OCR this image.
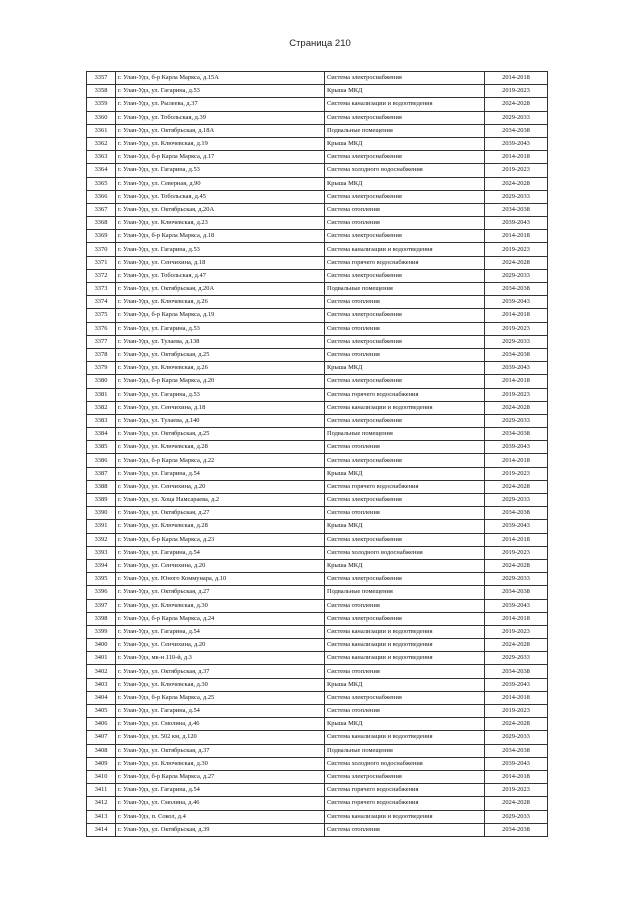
Страница 210
3357	г. Улан-Удэ, б-р Карла Маркса, д.15А	Система электроснабжения	2014-2018
3358	г. Улан-Удэ, ул. Гагарина, д.53	Крыша МКД	2019-2023
3359	г. Улан-Удэ, ул. Рылеева, д.37	Система канализации и водоотведения	2024-2028
3360	г. Улан-Удэ, ул. Тобольская, д.39	Система электроснабжения	2029-2033
3361	г. Улан-Удэ, ул. Октябрьская, д.18А	Подвальные помещения	2034-2038
3362	г. Улан-Удэ, ул. Ключевская, д.19	Крыша МКД	2039-2043
3363	г. Улан-Удэ, б-р Карла Маркса, д.17	Система электроснабжения	2014-2018
3364	г. Улан-Удэ, ул. Гагарина, д.53	Система холодного водоснабжения	2019-2023
3365	г. Улан-Удэ, ул. Северная, д.90	Крыша МКД	2024-2028
3366	г. Улан-Удэ, ул. Тобольская, д.45	Система электроснабжения	2029-2033
3367	г. Улан-Удэ, ул. Октябрьская, д.20А	Система отопления	2034-2038
3368	г. Улан-Удэ, ул. Ключевская, д.23	Система отопления	2039-2043
3369	г. Улан-Удэ, б-р Карла Маркса, д.18	Система электроснабжения	2014-2018
3370	г. Улан-Удэ, ул. Гагарина, д.53	Система канализации и водоотведения	2019-2023
3371	г. Улан-Удэ, ул. Сенчихина, д.18	Система горячего водоснабжения	2024-2028
3372	г. Улан-Удэ, ул. Тобольская, д.47	Система электроснабжения	2029-2033
3373	г. Улан-Удэ, ул. Октябрьская, д.20А	Подвальные помещения	2034-2038
3374	г. Улан-Удэ, ул. Ключевская, д.26	Система отопления	2039-2043
3375	г. Улан-Удэ, б-р Карла Маркса, д.19	Система электроснабжения	2014-2018
3376	г. Улан-Удэ, ул. Гагарина, д.53	Система отопления	2019-2023
3377	г. Улан-Удэ, ул. Тулаева, д.138	Система электроснабжения	2029-2033
3378	г. Улан-Удэ, ул. Октябрьская, д.25	Система отопления	2034-2038
3379	г. Улан-Удэ, ул. Ключевская, д.26	Крыша МКД	2039-2043
3380	г. Улан-Удэ, б-р Карла Маркса, д.20	Система электроснабжения	2014-2018
3381	г. Улан-Удэ, ул. Гагарина, д.53	Система горячего водоснабжения	2019-2023
3382	г. Улан-Удэ, ул. Сенчихина, д.18	Система канализации и водоотведения	2024-2028
3383	г. Улан-Удэ, ул. Тулаева, д.140	Система электроснабжения	2029-2033
3384	г. Улан-Удэ, ул. Октябрьская, д.25	Подвальные помещения	2034-2038
3385	г. Улан-Удэ, ул. Ключевская, д.28	Система отопления	2039-2043
3386	г. Улан-Удэ, б-р Карла Маркса, д.22	Система электроснабжения	2014-2018
3387	г. Улан-Удэ, ул. Гагарина, д.54	Крыша МКД	2019-2023
3388	г. Улан-Удэ, ул. Сенчихина, д.20	Система горячего водоснабжения	2024-2028
3389	г. Улан-Удэ, ул. Хоца Намсараева, д.2	Система электроснабжения	2029-2033
3390	г. Улан-Удэ, ул. Октябрьская, д.27	Система отопления	2034-2038
3391	г. Улан-Удэ, ул. Ключевская, д.28	Крыша МКД	2039-2043
3392	г. Улан-Удэ, б-р Карла Маркса, д.23	Система электроснабжения	2014-2018
3393	г. Улан-Удэ, ул. Гагарина, д.54	Система холодного водоснабжения	2019-2023
3394	г. Улан-Удэ, ул. Сенчихина, д.20	Крыша МКД	2024-2028
3395	г. Улан-Удэ, ул. Юного Коммунара, д.10	Система электроснабжения	2029-2033
3396	г. Улан-Удэ, ул. Октябрьская, д.27	Подвальные помещения	2034-2038
3397	г. Улан-Удэ, ул. Ключевская, д.30	Система отопления	2039-2043
3398	г. Улан-Удэ, б-р Карла Маркса, д.24	Система электроснабжения	2014-2018
3399	г. Улан-Удэ, ул. Гагарина, д.54	Система канализации и водоотведения	2019-2023
3400	г. Улан-Удэ, ул. Сенчихина, д.20	Система канализации и водоотведения	2024-2028
3401	г. Улан-Удэ, мк-н 110-й, д.3	Система канализации и водоотведения	2029-2033
3402	г. Улан-Удэ, ул. Октябрьская, д.37	Система отопления	2034-2038
3403	г. Улан-Удэ, ул. Ключевская, д.30	Крыша МКД	2039-2043
3404	г. Улан-Удэ, б-р Карла Маркса, д.25	Система электроснабжения	2014-2018
3405	г. Улан-Удэ, ул. Гагарина, д.54	Система отопления	2019-2023
3406	г. Улан-Удэ, ул. Смолина, д.46	Крыша МКД	2024-2028
3407	г. Улан-Удэ, ул. 502 км, д.120	Система канализации и водоотведения	2029-2033
3408	г. Улан-Удэ, ул. Октябрьская, д.37	Подвальные помещения	2034-2038
3409	г. Улан-Удэ, ул. Ключевская, д.30	Система холодного водоснабжения	2039-2043
3410	г. Улан-Удэ, б-р Карла Маркса, д.27	Система электроснабжения	2014-2018
3411	г. Улан-Удэ, ул. Гагарина, д.54	Система горячего водоснабжения	2019-2023
3412	г. Улан-Удэ, ул. Смолина, д.46	Система горячего водоснабжения	2024-2028
3413	г. Улан-Удэ, п. Сокол, д.4	Система канализации и водоотведения	2029-2033
3414	г. Улан-Удэ, ул. Октябрьская, д.39	Система отопления	2034-2038
